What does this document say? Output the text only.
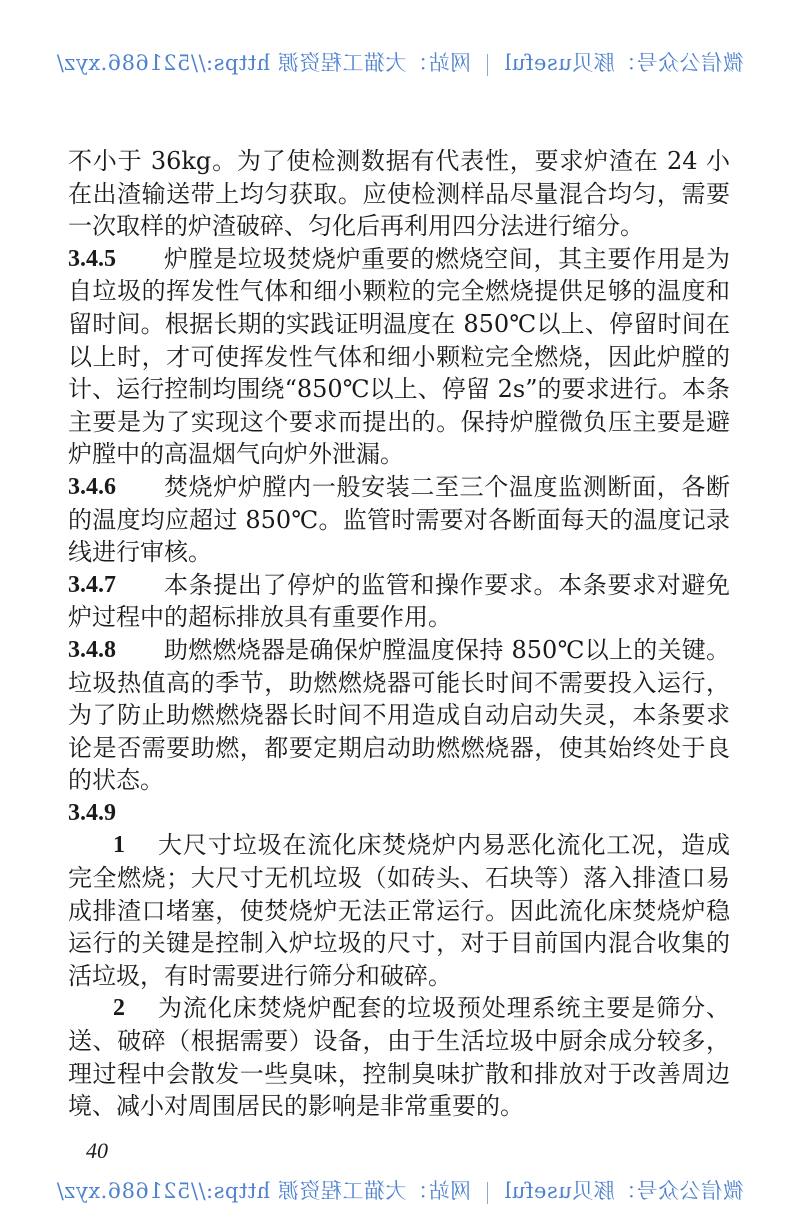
微信公众号：豚贝useful网站：大猫工程资源 https://521686.xyz/
不小于 36kg。为了使检测数据有代表性，要求炉渣在 24 小
在出渣输送带上均匀获取。应使检测样品尽量混合均匀，需要
一次取样的炉渣破碎、匀化后再利用四分法进行缩分。
3.4.5	炉膛是垃圾焚烧炉重要的燃烧空间，其主要作用是为
自垃圾的挥发性气体和细小颗粒的完全燃烧提供足够的温度和
留时间。根据长期的实践证明温度在 850℃以上、停留时间在
以上时，才可使挥发性气体和细小颗粒完全燃烧，因此炉膛的
计、运行控制均围绕“850℃以上、停留 2s”的要求进行。本条
主要是为了实现这个要求而提出的。保持炉膛微负压主要是避
炉膛中的高温烟气向炉外泄漏。
3.4.6	焚烧炉炉膛内一般安装二至三个温度监测断面，各断
的温度均应超过 850℃。监管时需要对各断面每天的温度记录
线进行审核。
3.4.7	本条提出了停炉的监管和操作要求。本条要求对避免
炉过程中的超标排放具有重要作用。
3.4.8	助燃燃烧器是确保炉膛温度保持 850℃以上的关键。
垃圾热值高的季节，助燃燃烧器可能长时间不需要投入运行，
为了防止助燃燃烧器长时间不用造成自动启动失灵，本条要求
论是否需要助燃，都要定期启动助燃燃烧器，使其始终处于良
的状态。
3.4.9
1	大尺寸垃圾在流化床焚烧炉内易恶化流化工况，造成
完全燃烧；大尺寸无机垃圾（如砖头、石块等）落入排渣口易
成排渣口堵塞，使焚烧炉无法正常运行。因此流化床焚烧炉稳
运行的关键是控制入炉垃圾的尺寸，对于目前国内混合收集的
活垃圾，有时需要进行筛分和破碎。
2	为流化床焚烧炉配套的垃圾预处理系统主要是筛分、
送、破碎（根据需要）设备，由于生活垃圾中厨余成分较多，
理过程中会散发一些臭味，控制臭味扩散和排放对于改善周边
境、减小对周围居民的影响是非常重要的。
40
微信公众号：豚贝useful网站：大猫工程资源 https://521686.xyz/
